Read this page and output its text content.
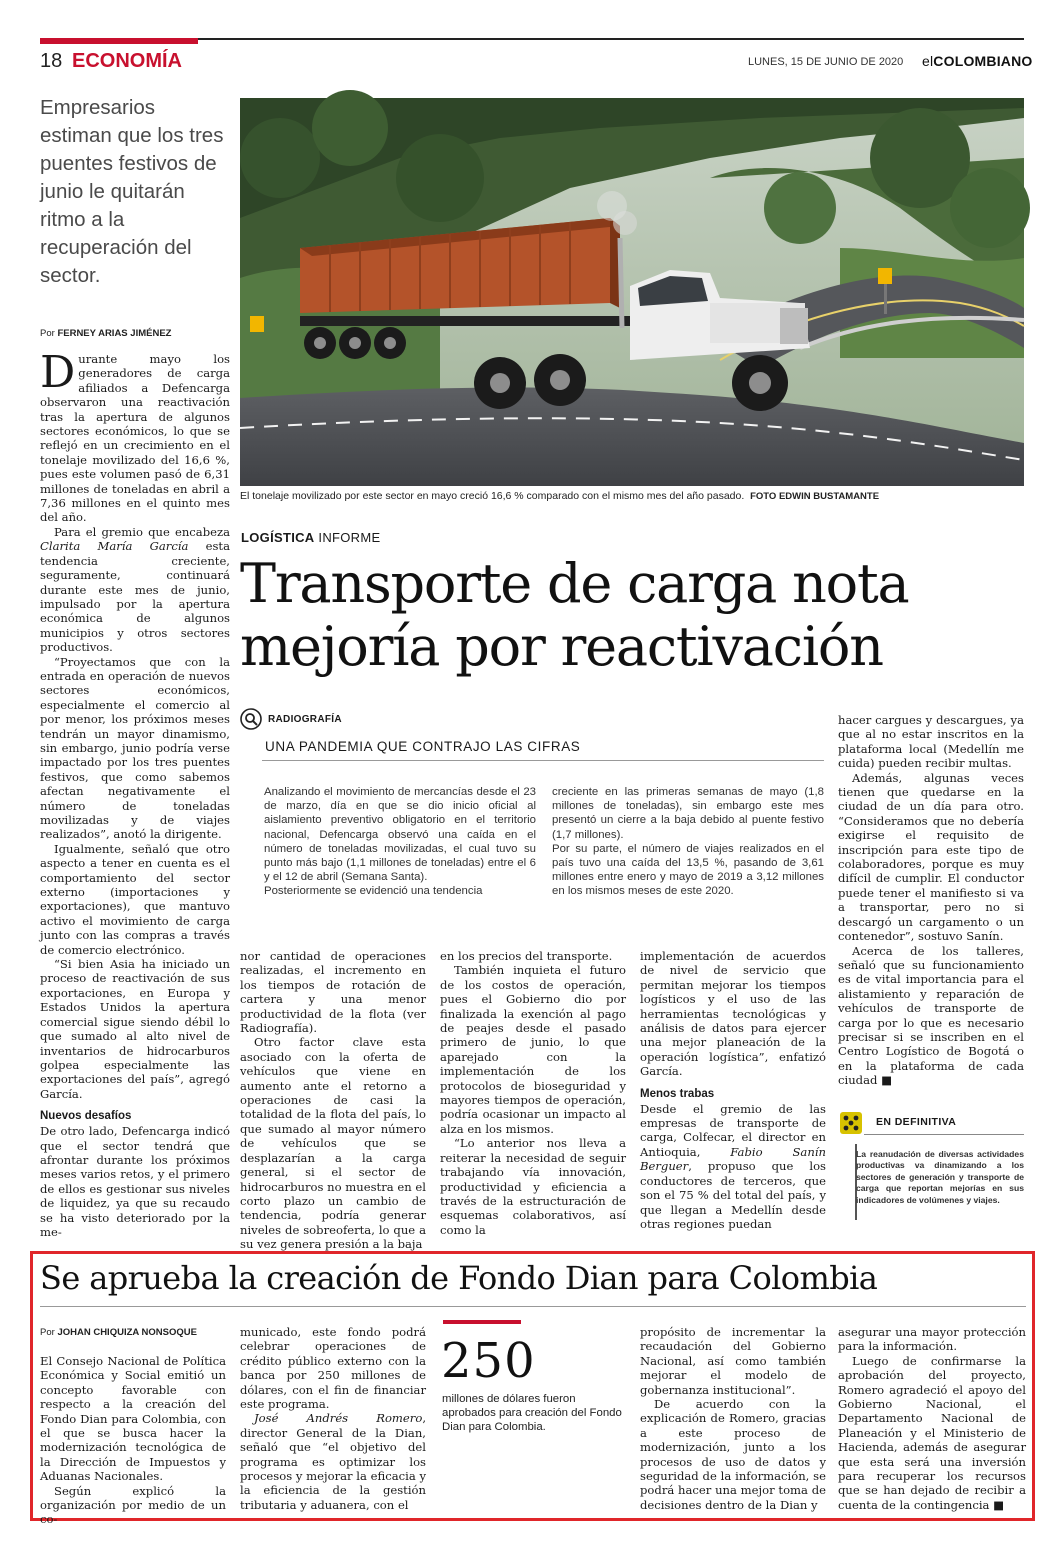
18 ECONOMÍA	LUNES, 15 DE JUNIO DE 2020 elCOLOMBIANO
Empresarios estiman que los tres puentes festivos de junio le quitarán ritmo a la recuperación del sector.
El tonelaje movilizado por este sector en mayo creció 16,6 % comparado con el mismo mes del año pasado. FOTO EDWIN BUSTAMANTE
Por FERNEY ARIAS JIMÉNEZ
LOGÍSTICA INFORME
Transporte de carga nota mejoría por reactivación

Durante mayo los generadores de carga afiliados a Defencarga observaron una reactivación tras la apertura de algunos sectores económicos, lo que se reflejó en un crecimiento en el tonelaje movilizado del 16,6 %, pues este volumen pasó de 6,31 millones de toneladas en abril a 7,36 millones en el quinto mes del año.

Para el gremio que encabeza Clarita María García esta tendencia creciente, seguramente, continuará durante este mes de junio, impulsado por la apertura económica de algunos municipios y otros sectores productivos.

“Proyectamos que con la entrada en operación de nuevos sectores económicos, especialmente el comercio al por menor, los próximos meses tendrán un mayor dinamismo, sin embargo, junio podría verse impactado por los tres puentes festivos, que como sabemos afectan negativamente el número de toneladas movilizadas y de viajes realizados”, anotó la dirigente.

Igualmente, señaló que otro aspecto a tener en cuenta es el comportamiento del sector externo (importaciones y exportaciones), que mantuvo activo el movimiento de carga junto con las compras a través de comercio electrónico.

“Si bien Asia ha iniciado un proceso de reactivación de sus exportaciones, en Europa y Estados Unidos la apertura comercial sigue siendo débil lo que sumado al alto nivel de inventarios de hidrocarburos golpea especialmente las exportaciones del país”, agregó García.

Nuevos desafíos

De otro lado, Defencarga indicó que el sector tendrá que afrontar durante los próximos meses varios retos, y el primero de ellos es gestionar sus niveles de liquidez, ya que su recaudo se ha visto deteriorado por la me-

RADIOGRAFÍA
UNA PANDEMIA QUE CONTRAJO LAS CIFRAS

Analizando el movimiento de mercancías desde el 23 de marzo, día en que se dio inicio oficial al aislamiento preventivo obligatorio en el territorio nacional, Defencarga observó una caída en el número de toneladas movilizadas, el cual tuvo su punto más bajo (1,1 millones de toneladas) entre el 6 y el 12 de abril (Semana Santa).

Posteriormente se evidenció una tendencia

creciente en las primeras semanas de mayo (1,8 millones de toneladas), sin embargo este mes presentó un cierre a la baja debido al puente festivo (1,7 millones).

Por su parte, el número de viajes realizados en el país tuvo una caída del 13,5 %, pasando de 3,61 millones entre enero y mayo de 2019 a 3,12 millones en los mismos meses de este 2020.

nor cantidad de operaciones realizadas, el incremento en los tiempos de rotación de cartera y una menor productividad de la flota (ver Radiografía).

Otro factor clave esta asociado con la oferta de vehículos que viene en aumento ante el retorno a operaciones de casi la totalidad de la flota del país, lo que sumado al mayor número de vehículos que se desplazarían a la carga general, si el sector de hidrocarburos no muestra en el corto plazo un cambio de tendencia, podría generar niveles de sobreoferta, lo que a su vez genera presión a la baja

en los precios del transporte.

También inquieta el futuro de los costos de operación, pues el Gobierno dio por finalizada la exención al pago de peajes desde el pasado primero de junio, lo que aparejado con la implementación de los protocolos de bioseguridad y mayores tiempos de operación, podría ocasionar un impacto al alza en los mismos.

“Lo anterior nos lleva a reiterar la necesidad de seguir trabajando vía innovación, productividad y eficiencia a través de la estructuración de esquemas colaborativos, así como la

implementación de acuerdos de nivel de servicio que permitan mejorar los tiempos logísticos y el uso de las herramientas tecnológicas y análisis de datos para ejercer una mejor planeación de la operación logística”, enfatizó García.

Menos trabas

Desde el gremio de las empresas de transporte de carga, Colfecar, el director en Antioquia, Fabio Sanín Berguer, propuso que los conductores de terceros, que son el 75 % del total del país, y que llegan a Medellín desde otras regiones puedan

hacer cargues y descargues, ya que al no estar inscritos en la plataforma local (Medellín me cuida) pueden recibir multas.

Además, algunas veces tienen que quedarse en la ciudad de un día para otro. “Consideramos que no debería exigirse el requisito de inscripción para este tipo de colaboradores, porque es muy difícil de cumplir. El conductor puede tener el manifiesto si va a transportar, pero no si descargó un cargamento o un contenedor”, sostuvo Sanín.

Acerca de los talleres, señaló que su funcionamiento es de vital importancia para el alistamiento y reparación de vehículos de transporte de carga por lo que es necesario precisar si se inscriben en el Centro Logístico de Bogotá o en la plataforma de cada ciudad ■

EN DEFINITIVA
La reanudación de diversas actividades productivas va dinamizando a los sectores de generación y transporte de carga que reportan mejorías en sus indicadores de volúmenes y viajes.
Se aprueba la creación de Fondo Dian para Colombia
Por JOHAN CHIQUIZA NONSOQUE

El Consejo Nacional de Política Económica y Social emitió un concepto favorable con respecto a la creación del Fondo Dian para Colombia, con el que se busca hacer la modernización tecnológica de la Dirección de Impuestos y Aduanas Nacionales.

Según explicó la organización por medio de un co-

municado, este fondo podrá celebrar operaciones de crédito público externo con la banca por 250 millones de dólares, con el fin de financiar este programa.

José Andrés Romero, director General de la Dian, señaló que “el objetivo del programa es optimizar los procesos y mejorar la eficacia y la eficiencia de la gestión tributaria y aduanera, con el

250
millones de dólares fueron aprobados para creación del Fondo Dian para Colombia.

propósito de incrementar la recaudación del Gobierno Nacional, así como también mejorar el modelo de gobernanza institucional”.

De acuerdo con la explicación de Romero, gracias a este proceso de modernización, junto a los procesos de uso de datos y seguridad de la información, se podrá hacer una mejor toma de decisiones dentro de la Dian y

asegurar una mayor protección para la información.

Luego de confirmarse la aprobación del proyecto, Romero agradeció el apoyo del Gobierno Nacional, el Departamento Nacional de Planeación y el Ministerio de Hacienda, además de asegurar que esta será una inversión para recuperar los recursos que se han dejado de recibir a cuenta de la contingencia ■
